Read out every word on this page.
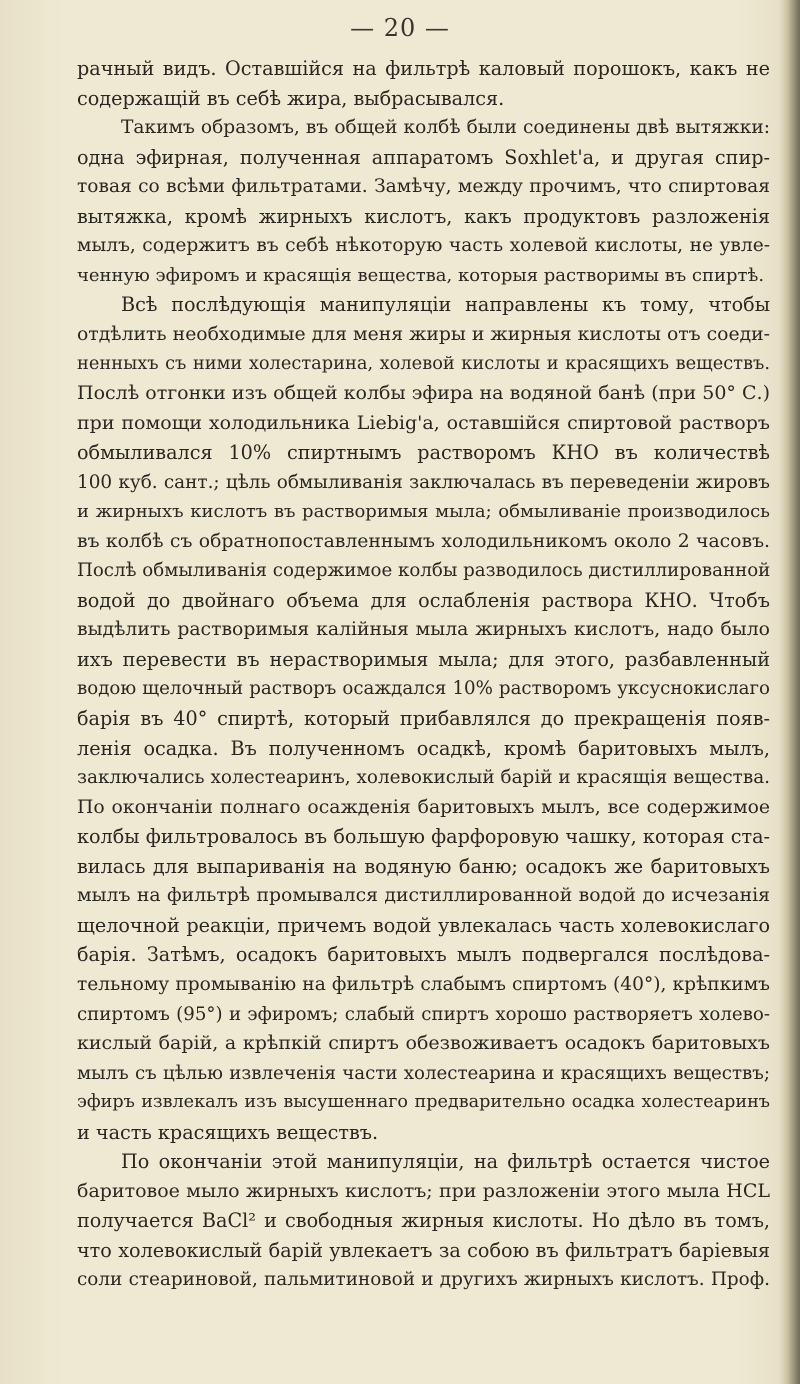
— 20 —
рачный видъ. Оставшійся на фильтрѣ каловый порошокъ, какъ не
содержащій въ себѣ жира, выбрасывался.
Такимъ образомъ, въ общей колбѣ были соединены двѣ вытяжки:
одна эфирная, полученная аппаратомъ Soxhlet'a, и другая спир-
товая со всѣми фильтратами. Замѣчу, между прочимъ, что спиртовая
вытяжка, кромѣ жирныхъ кислотъ, какъ продуктовъ разложенія
мылъ, содержитъ въ себѣ нѣкоторую часть холевой кислоты, не увле-
ченную эфиромъ и красящія вещества, которыя растворимы въ спиртѣ.
Всѣ послѣдующія манипуляціи направлены къ тому, чтобы
отдѣлить необходимые для меня жиры и жирныя кислоты отъ соеди-
ненныхъ съ ними холестарина, холевой кислоты и красящихъ веществъ.
Послѣ отгонки изъ общей колбы эфира на водяной банѣ (при 50° С.)
при помощи холодильника Liebig'a, оставшійся спиртовой растворъ
обмыливался 10% спиртнымъ растворомъ КНО въ количествѣ
100 куб. сант.; цѣль обмыливанія заключалась въ переведеніи жировъ
и жирныхъ кислотъ въ растворимыя мыла; обмыливаніе производилось
въ колбѣ съ обратнопоставленнымъ холодильникомъ около 2 часовъ.
Послѣ обмыливанія содержимое колбы разводилось дистиллированной
водой до двойнаго объема для ослабленія раствора КНО. Чтобъ
выдѣлить растворимыя калійныя мыла жирныхъ кислотъ, надо было
ихъ перевести въ нерастворимыя мыла; для этого, разбавленный
водою щелочный растворъ осаждался 10% растворомъ уксуснокислаго
барія въ 40° спиртѣ, который прибавлялся до прекращенія появ-
ленія осадка. Въ полученномъ осадкѣ, кромѣ баритовыхъ мылъ,
заключались холестеаринъ, холевокислый барій и красящія вещества.
По окончаніи полнаго осажденія баритовыхъ мылъ, все содержимое
колбы фильтровалось въ большую фарфоровую чашку, которая ста-
вилась для выпариванія на водяную баню; осадокъ же баритовыхъ
мылъ на фильтрѣ промывался дистиллированной водой до исчезанія
щелочной реакціи, причемъ водой увлекалась часть холевокислаго
барія. Затѣмъ, осадокъ баритовыхъ мылъ подвергался послѣдова-
тельному промыванію на фильтрѣ слабымъ спиртомъ (40°), крѣпкимъ
спиртомъ (95°) и эфиромъ; слабый спиртъ хорошо растворяетъ холево-
кислый барій, а крѣпкій спиртъ обезвоживаетъ осадокъ баритовыхъ
мылъ съ цѣлью извлеченія части холестеарина и красящихъ веществъ;
эфиръ извлекалъ изъ высушеннаго предварительно осадка холестеаринъ
и часть красящихъ веществъ.
По окончаніи этой манипуляціи, на фильтрѣ остается чистое
баритовое мыло жирныхъ кислотъ; при разложеніи этого мыла НСL
получается BaCl² и свободныя жирныя кислоты. Но дѣло въ томъ,
что холевокислый барій увлекаетъ за собою въ фильтратъ баріевыя
соли стеариновой, пальмитиновой и другихъ жирныхъ кислотъ. Проф.
